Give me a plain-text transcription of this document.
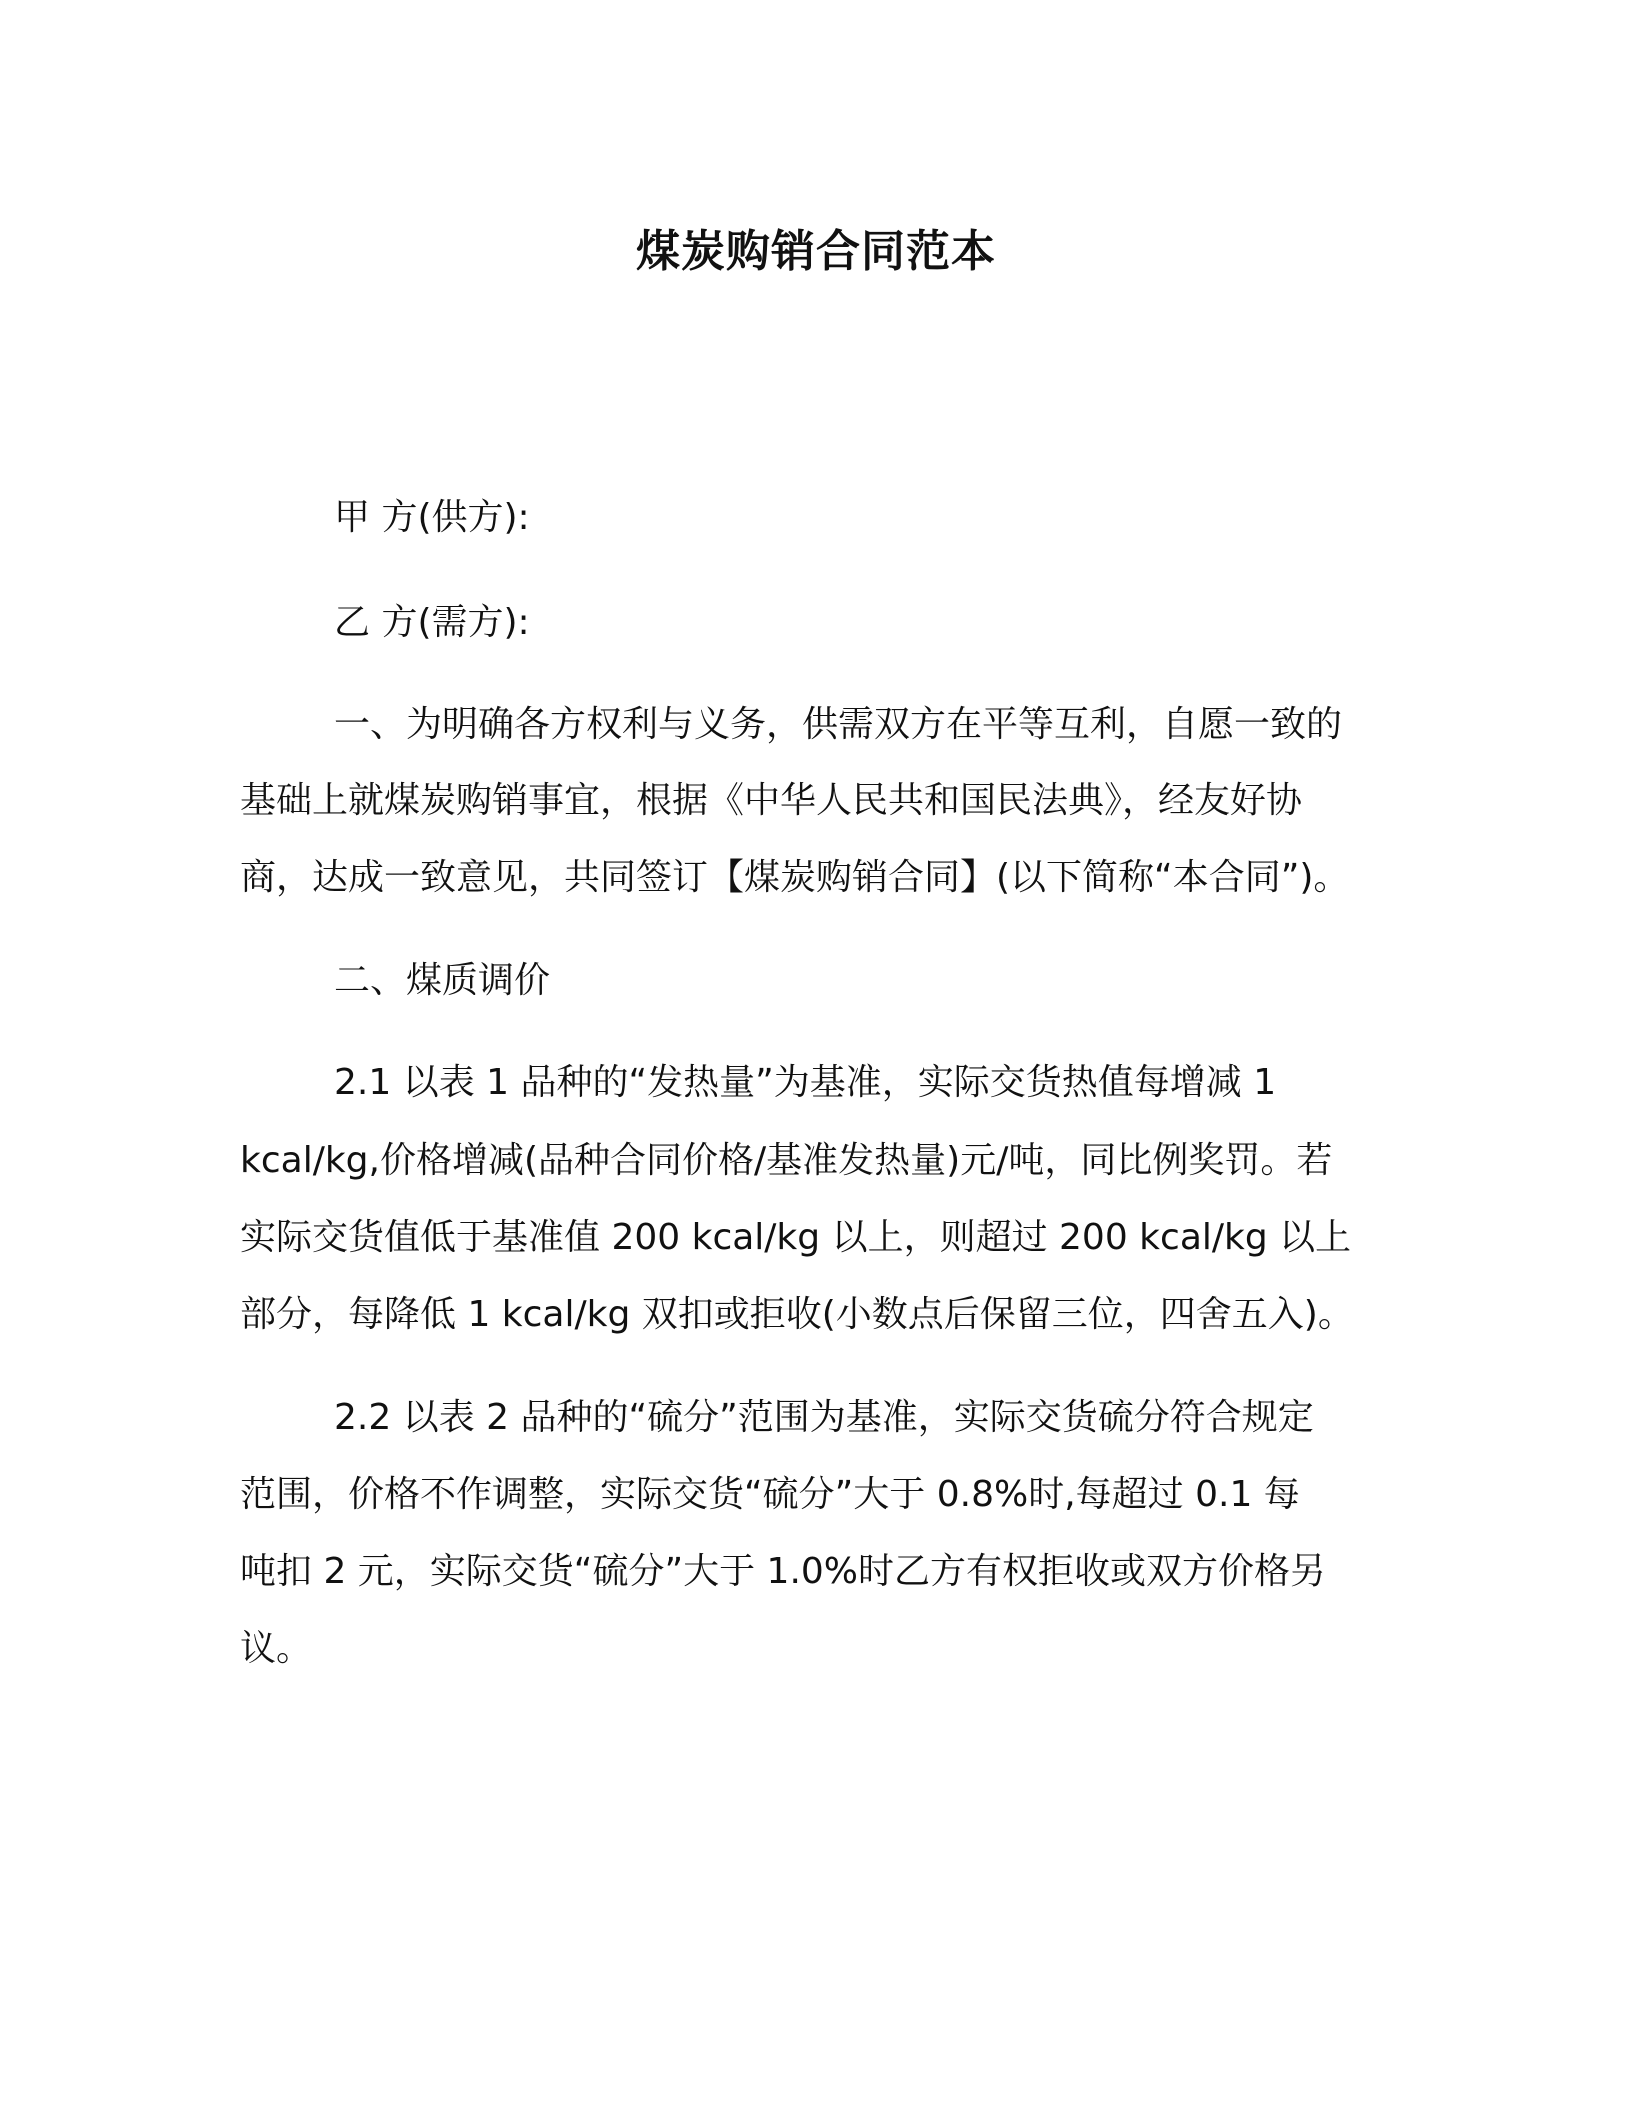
煤炭购销合同范本
甲 方(供方):
乙 方(需方):
一、为明确各方权利与义务，供需双方在平等互利，自愿一致的
基础上就煤炭购销事宜，根据《中华人民共和国民法典》，经友好协
商，达成一致意见，共同签订【煤炭购销合同】(以下简称“本合同”)。
二、煤质调价
2.1 以表 1 品种的“发热量”为基准，实际交货热值每增减 1
kcal/kg,价格增减(品种合同价格/基准发热量)元/吨，同比例奖罚。若
实际交货值低于基准值 200 kcal/kg 以上，则超过 200 kcal/kg 以上
部分，每降低 1 kcal/kg 双扣或拒收(小数点后保留三位，四舍五入)。
2.2 以表 2 品种的“硫分”范围为基准，实际交货硫分符合规定
范围，价格不作调整，实际交货“硫分”大于 0.8%时,每超过 0.1 每
吨扣 2 元，实际交货“硫分”大于 1.0%时乙方有权拒收或双方价格另
议。
